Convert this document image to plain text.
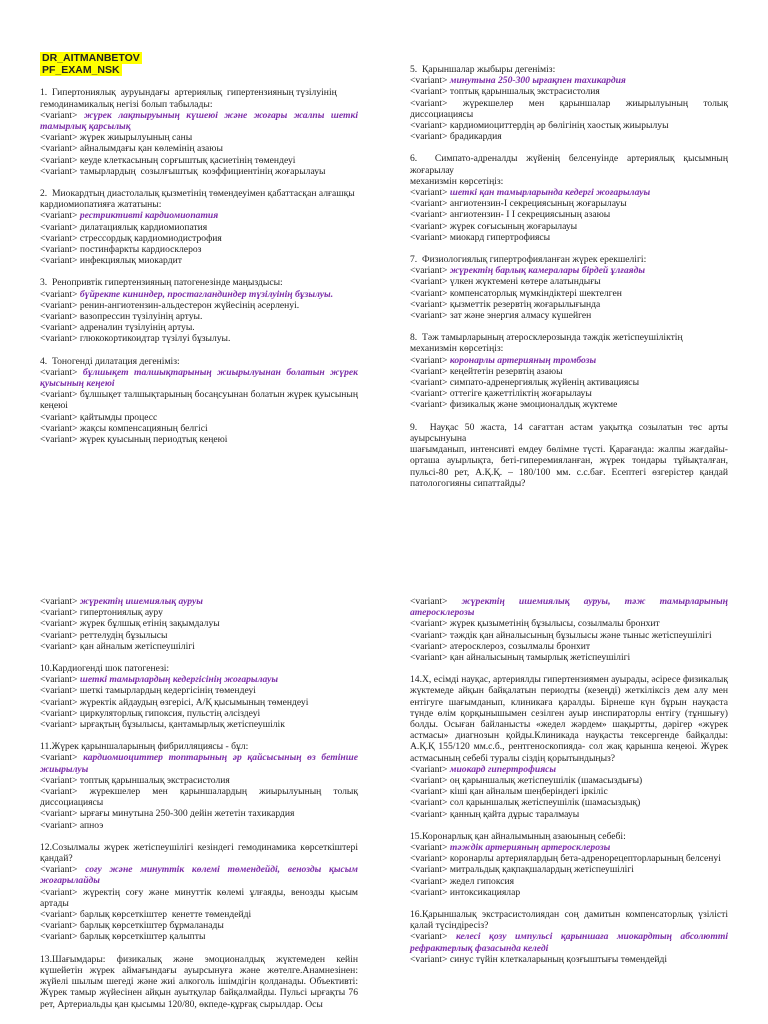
DR_AITMANBETOV
PF_EXAM_NSK

1.  Гипертониялық  ауруындағы  артериялық  гипертензияның түзілуінің
гемодинамикалық негізі болып табылады:

<variant> жүрек лақтыруының күшеюі және жоғары жалпы шеткі тамырлық қарсылық

<variant> жүрек жиырылуының саны

<variant> айналымдағы қан көлемінің азаюы

<variant> кеуде клеткасының сорғыштық қасиетінің төмендеуі

<variant> тамырлардың  созылғыштық  коэффициентінің жоғарылауы

2.  Миокардтың диастолалық қызметінің төмендеуімен қабаттасқан алғашқы
кардиомиопатияға жататыны:

<variant> рестриктивті кардиомиопатия

<variant> дилатациялық кардиомиопатия

<variant> стрессордық кардиомиодистрофия

<variant> постинфаркты кардиосклероз

<variant> инфекциялық миокардит

3.  Ренопривтік гипертензияның патогенезінде маңыздысы:

<variant> бүйректе кининдер, простагландиндер түзілуінің бұзылуы.

<variant> ренин-ангиотензин-альдестерон жүйесінің әсерленуі.

<variant> вазопрессин түзілуінің артуы.

<variant> адреналин түзілуінің артуы.

<variant> глюкокортикоидтар түзілуі бұзылуы.

4.  Тоногенді дилатация дегеніміз:

<variant> бұлшықет талшықтарының жиырылуынан болатын жүрек қуысының кеңеюі

<variant> бұлшықет талшықтарының босаңсуынан болатын жүрек қуысының кеңеюі

<variant> қайтымды процесс

<variant> жақсы компенсацияның белгісі

<variant> жүрек қуысының периодтық кеңеюі

5.  Қарыншалар жыбыры дегеніміз:

<variant> минутына 250-300 ырғақпен тахикардия

<variant> топтық қарыншалық экстрасистолия

<variant> жүрекшелер мен қарыншалар жиырылуының толық диссоциациясы

<variant> кардиомиоциттердің әр бөлігінің хаостық жиырылуы

<variant> брадикардия

6.  Симпато-адреналды жүйенің белсенуінде артериялық қысымның жоғарылау
механизмін көрсетіңіз:

<variant> шеткі қан тамырларында кедергі жоғарылауы

<variant> ангиотензин-І секрециясының жоғарылауы

<variant> ангиотензин- І І секрециясының азаюы

<variant> жүрек соғысының жоғарылауы

<variant> миокард гипертрофиясы

7.  Физиологиялық гипертрофияланған жүрек ерекшелігі:

<variant> жүректің барлық камералары бірдей ұлғаяды

<variant> үлкен жүктемені көтере алатындығы

<variant> компенсаторлық мүмкіндіктері шектелген

<variant> қызметтік резервтің жоғарылығында

<variant> зат және энергия алмасу күшейген

8.  Тәж тамырларының атеросклерозында тәждік жетіспеушіліктің
механизмін көрсетіңіз:

<variant> коронарлы артерияның тромбозы

<variant> кеңейтетін резервтің азаюы

<variant> симпато-адренергиялық жүйенің активациясы

<variant> оттегіге қажеттіліктің жоғарылауы

<variant> физикалық және эмоционалдық жүктеме

9.  Науқас 50 жаста, 14 сағаттан астам уақытқа созылатын төс арты ауырсынуына
шағымданып, интенсивті емдеу бөлімне түсті. Қарағанда: жалпы жағдайы-орташа ауырлықта, беті-гиперемияланған, жүрек тондары тұйықталған, пульсі-80 рет, А.Қ.Қ. – 180/100 мм. с.с.бағ. Есептегі өзгерістер қандай патологогияны сипаттайды?

<variant> жүректің ишемиялық ауруы

<variant> гипертониялық ауру

<variant> жүрек бұлшық етінің зақымдалуы

<variant> реттелудің бұзылысы

<variant> қан айналым жетіспеушілігі

10.Кардиогенді шок патогенезі:

<variant> шеткі тамырлардың кедергісінің жоғарылауы

<variant> шеткі тамырлардың кедергісінің төмендеуі

<variant> жүректік айдаудың өзгерісі, А/Қ қысымының төмендеуі

<variant> циркуляторлық гипоксия, пульстің әлсіздеуі

<variant> ырғақтың бұзылысы, қантамырлық жетіспеушілік

11.Жүрек қарыншаларының фибрилляциясы - бұл:

<variant> кардиомиоциттер топтарының әр қайсысының өз бетінше жиырылуы

<variant> топтық қарыншалық экстрасистолия

<variant> жүрекшелер мен қарыншалардың жиырылуының толық диссоциациясы

<variant> ырғағы минутына 250-300 дейін жететін тахикардия

<variant> апноэ

12.Созылмалы жүрек жетіспеушілігі кезіндегі гемодинамика көрсеткіштері  қандай?

<variant> соғу және минуттік көлемі төмендейді, венозды қысым жоғарылайды

<variant> жүректің соғу және минуттік көлемі ұлғаяды, венозды қысым артады

<variant> барлық көрсеткіштер  кенетте төмендейді

<variant> барлық көрсеткіштер бұрмаланады

<variant> барлық көрсеткіштер қалыпты

13.Шағымдары: физикалық және эмоционалдық жүктемеден кейін күшейетін жүрек аймағындағы ауырсынуға және жөтелге.Анамнезінен: жүйелі шылым шегеді және жиі алкоголь ішімдігін қолданады. Объективті: Жүрек тамыр жүйесінен айқын ауытқулар байқалмайды. Пульсі ырғақты 76 рет, Артериальды қан қысымы 120/80, өкпеде-құрғақ сырылдар. Осы

<variant> жүректің ишемиялық ауруы, тәж тамырларының атеросклерозы

<variant> жүрек қызыметінің бұзылысы, созылмалы бронхит

<variant> тәждік қан айналысының бұзылысы және тыныс жетіспеушілігі

<variant> атеросклероз, созылмалы бронхит

<variant> қан айналысының тамырлық жетіспеушілігі

14.Х, есімді науқас, артериялды гипертензиямен ауырады, әсіресе физикалық жүктемеде айқын байқалатын периодты (кезеңді) жеткіліксіз дем алу мен ентігуге шағымданып, клиникаға қаралды. Бірнеше күн бұрын науқаста түнде өлім қорқынышымен сезілген ауыр инспираторлы ентігу (тұншығу) болды. Осыған байланысты «жедел жәрдем» шақыртты, дәрігер «жүрек астмасы» диагнозын қойды.Клиникада науқасты тексергенде байқалды: А.Қ.Қ 155/120 мм.с.б., рентгеноскопияда- сол жақ қарынша кеңеюі. Жүрек астмасының себебі туралы сіздің қорытындыңыз?

<variant> миокард гипертрофиясы

<variant> оң қарыншалық жетіспеушілік (шамасыздығы)

<variant> кіші қан айналым шеңберіндегі іркіліс

<variant> сол қарыншалық жетіспеушілік (шамасыздық)

<variant> қанның қайта дұрыс таралмауы

15.Коронарлық қан айналымының азаюының себебі:

<variant> тәждік артерияның артеросклерозы

<variant> коронарлы артериялардың бета-адренорецепторларының белсенуі

<variant> митральдық қақпақшалардың жетіспеушілігі

<variant> жедел гипоксия

<variant> интоксикациялар

16.Қарыншалық экстрасистолиядан соң дамитын компенсаторлық үзілісті қалай түсіндіресіз?

<variant> келесі қозу импульсі қарыншаға миокардтың абсолютті рефрактерлық фазасында келеді

<variant> синус түйін клеткаларының қозғыштығы төмендейді
